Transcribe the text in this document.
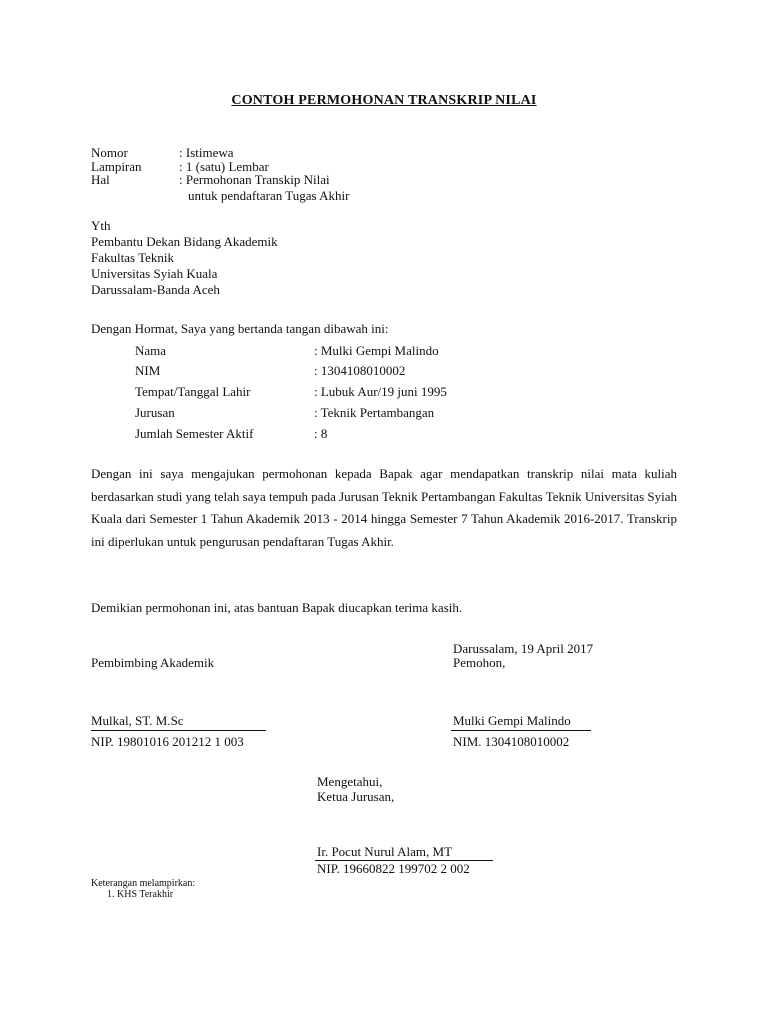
CONTOH PERMOHONAN TRANSKRIP NILAI
Nomor	: Istimewa
Lampiran	: 1 (satu) Lembar
Hal	: Permohonan Transkip Nilai
untuk pendaftaran Tugas Akhir
Yth
Pembantu Dekan Bidang Akademik
Fakultas Teknik
Universitas Syiah Kuala
Darussalam-Banda Aceh
Dengan Hormat, Saya yang bertanda tangan dibawah ini:
Nama	: Mulki Gempi Malindo
NIM	: 1304108010002
Tempat/Tanggal Lahir	: Lubuk Aur/19 juni 1995
Jurusan	: Teknik Pertambangan
Jumlah Semester Aktif	: 8
Dengan ini saya mengajukan permohonan kepada Bapak agar mendapatkan transkrip nilai mata kuliah berdasarkan studi yang telah saya tempuh pada Jurusan Teknik Pertambangan Fakultas Teknik Universitas Syiah Kuala dari Semester 1 Tahun Akademik 2013 - 2014 hingga Semester 7 Tahun Akademik 2016-2017. Transkrip ini diperlukan untuk pengurusan pendaftaran Tugas Akhir.
Demikian permohonan ini, atas bantuan Bapak diucapkan terima kasih.
Darussalam, 19 April 2017
Pembimbing Akademik
Mulkal, ST. M.Sc
NIP. 19801016 201212 1 003
Pemohon,
Mulki Gempi Malindo
NIM. 1304108010002
Mengetahui,
Ketua Jurusan,
Ir. Pocut Nurul Alam, MT
NIP. 19660822 199702 2 002
Keterangan melampirkan:
1. KHS Terakhir
